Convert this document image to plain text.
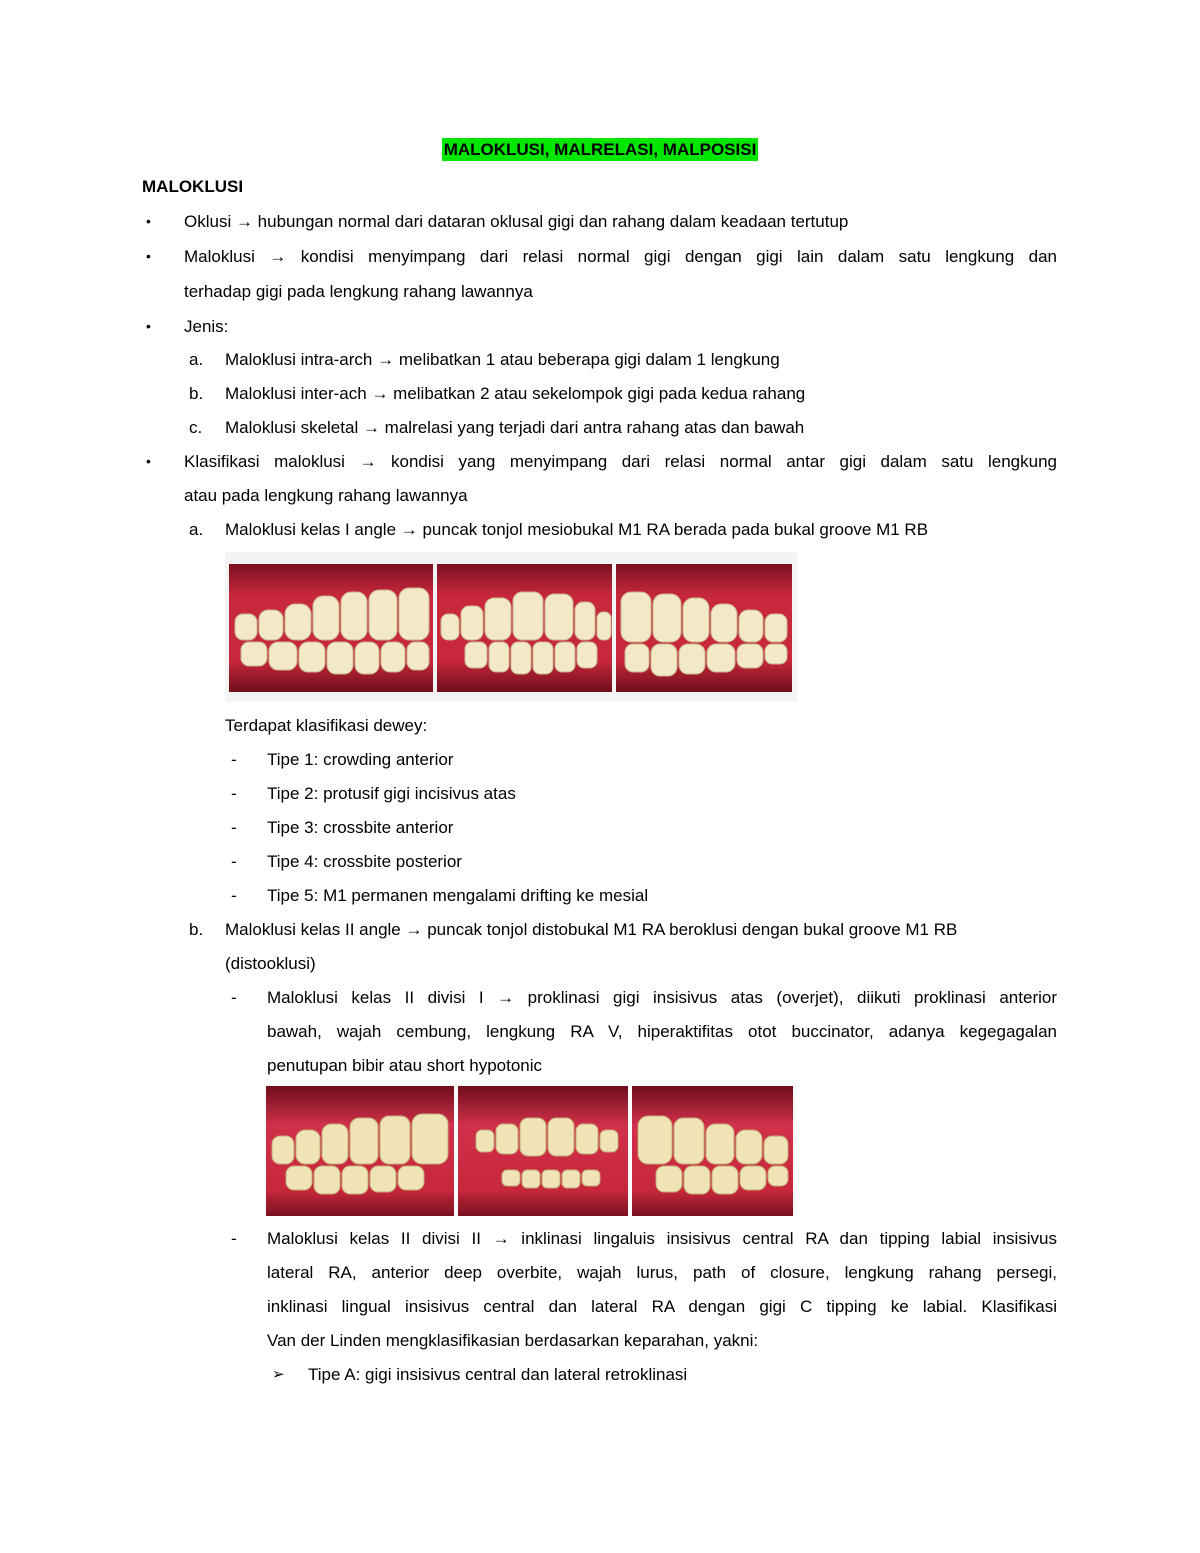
MALOKLUSI, MALRELASI, MALPOSISI
MALOKLUSI
• Oklusi → hubungan normal dari dataran oklusal gigi dan rahang dalam keadaan tertutup
• Maloklusi → kondisi menyimpang dari relasi normal gigi dengan gigi lain dalam satu lengkung dan
terhadap gigi pada lengkung rahang lawannya
• Jenis:
a. Maloklusi intra-arch → melibatkan 1 atau beberapa gigi dalam 1 lengkung
b. Maloklusi inter-ach → melibatkan 2 atau sekelompok gigi pada kedua rahang
c. Maloklusi skeletal → malrelasi yang terjadi dari antra rahang atas dan bawah
• Klasifikasi maloklusi → kondisi yang menyimpang dari relasi normal antar gigi dalam satu lengkung
atau pada lengkung rahang lawannya
a. Maloklusi kelas I angle → puncak tonjol mesiobukal M1 RA berada pada bukal groove M1 RB
Terdapat klasifikasi dewey:
- Tipe 1: crowding anterior
- Tipe 2: protusif gigi incisivus atas
- Tipe 3: crossbite anterior
- Tipe 4: crossbite posterior
- Tipe 5: M1 permanen mengalami drifting ke mesial
b. Maloklusi kelas II angle → puncak tonjol distobukal M1 RA beroklusi dengan bukal groove M1 RB
(distooklusi)
- Maloklusi kelas II divisi I → proklinasi gigi insisivus atas (overjet), diikuti proklinasi anterior
bawah, wajah cembung, lengkung RA V, hiperaktifitas otot buccinator, adanya kegegagalan
penutupan bibir atau short hypotonic
- Maloklusi kelas II divisi II → inklinasi lingaluis insisivus central RA dan tipping labial insisivus
lateral RA, anterior deep overbite, wajah lurus, path of closure, lengkung rahang persegi,
inklinasi lingual insisivus central dan lateral RA dengan gigi C tipping ke labial. Klasifikasi
Van der Linden mengklasifikasian berdasarkan keparahan, yakni:
➢ Tipe A: gigi insisivus central dan lateral retroklinasi
